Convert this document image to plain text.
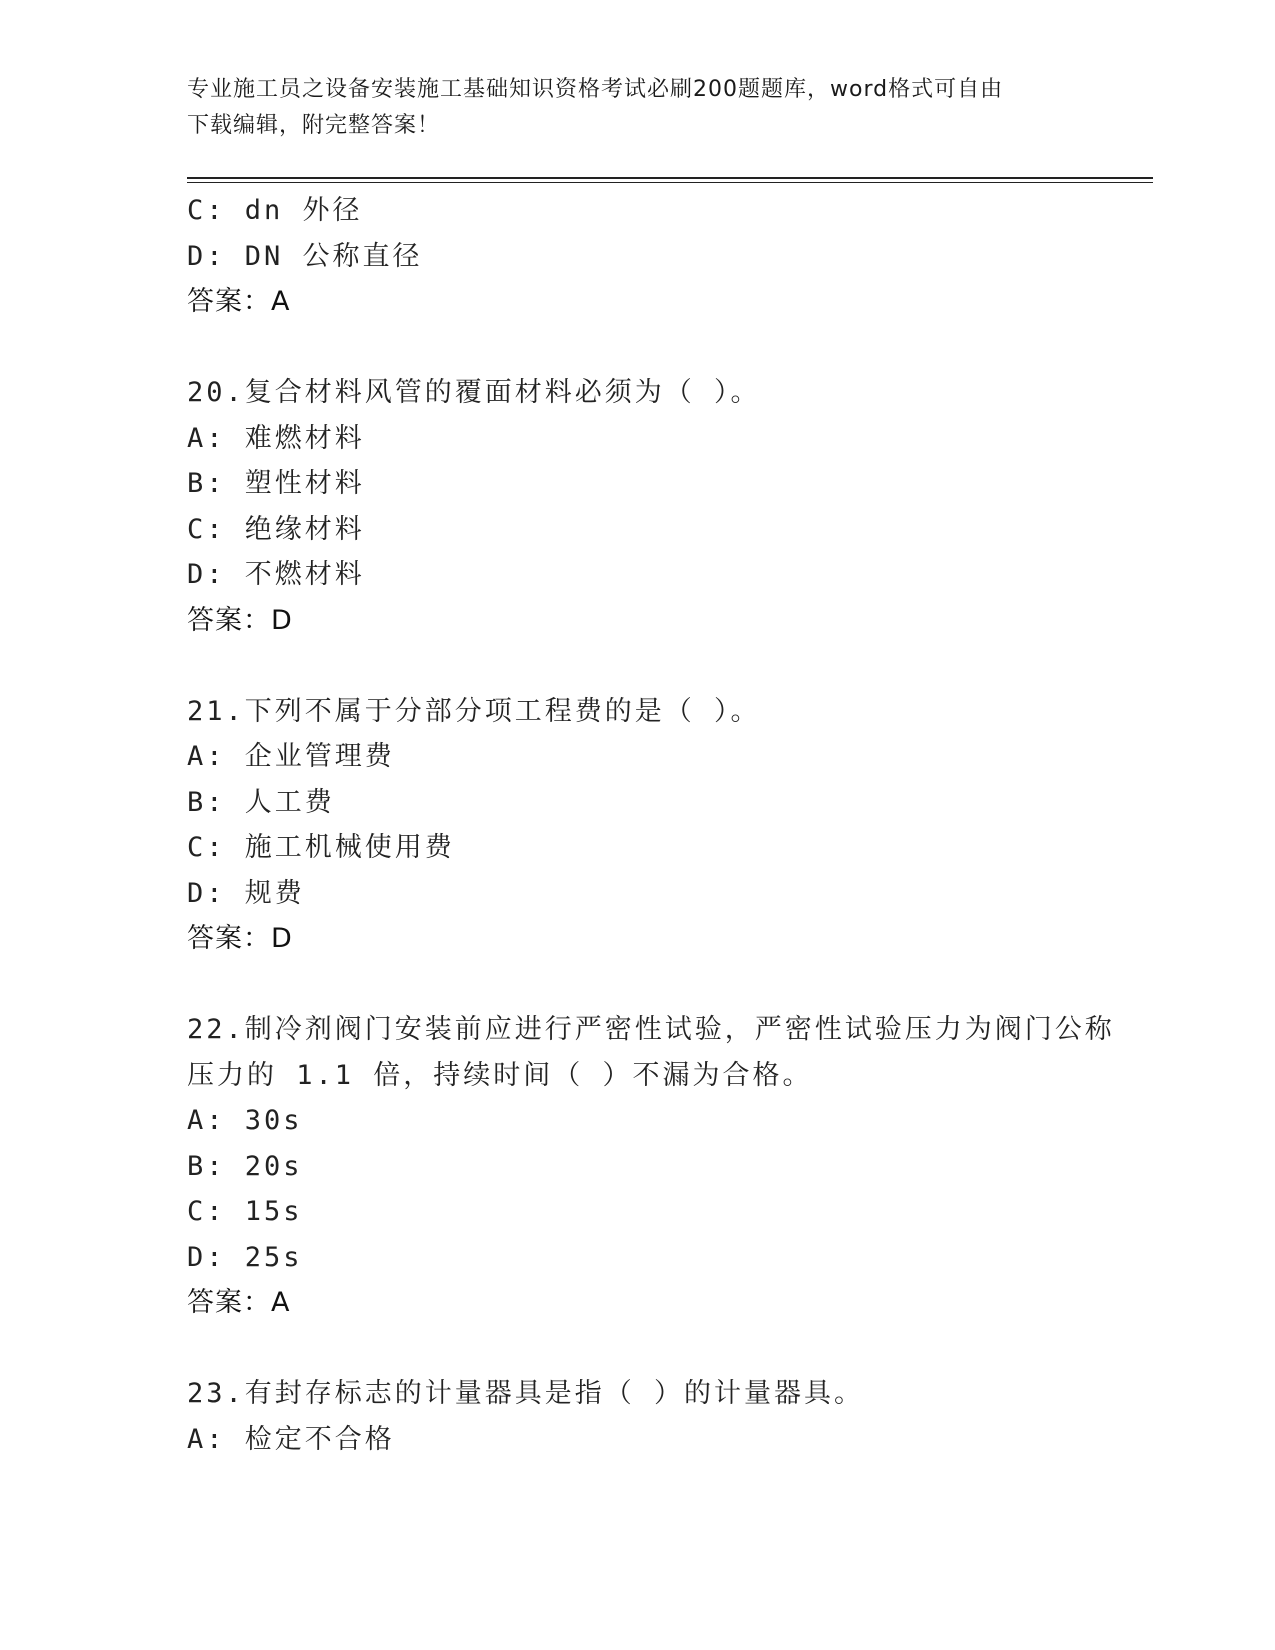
专业施工员之设备安装施工基础知识资格考试必刷200题题库，word格式可自由
下载编辑，附完整答案！
C: dn 外径
D: DN 公称直径
答案：A
20.复合材料风管的覆面材料必须为（ ）。
A: 难燃材料
B: 塑性材料
C: 绝缘材料
D: 不燃材料
答案：D
21.下列不属于分部分项工程费的是（ ）。
A: 企业管理费
B: 人工费
C: 施工机械使用费
D: 规费
答案：D
22.制冷剂阀门安装前应进行严密性试验，严密性试验压力为阀门公称
压力的 1.1 倍，持续时间（ ）不漏为合格。
A: 30s
B: 20s
C: 15s
D: 25s
答案：A
23.有封存标志的计量器具是指（ ）的计量器具。
A: 检定不合格
